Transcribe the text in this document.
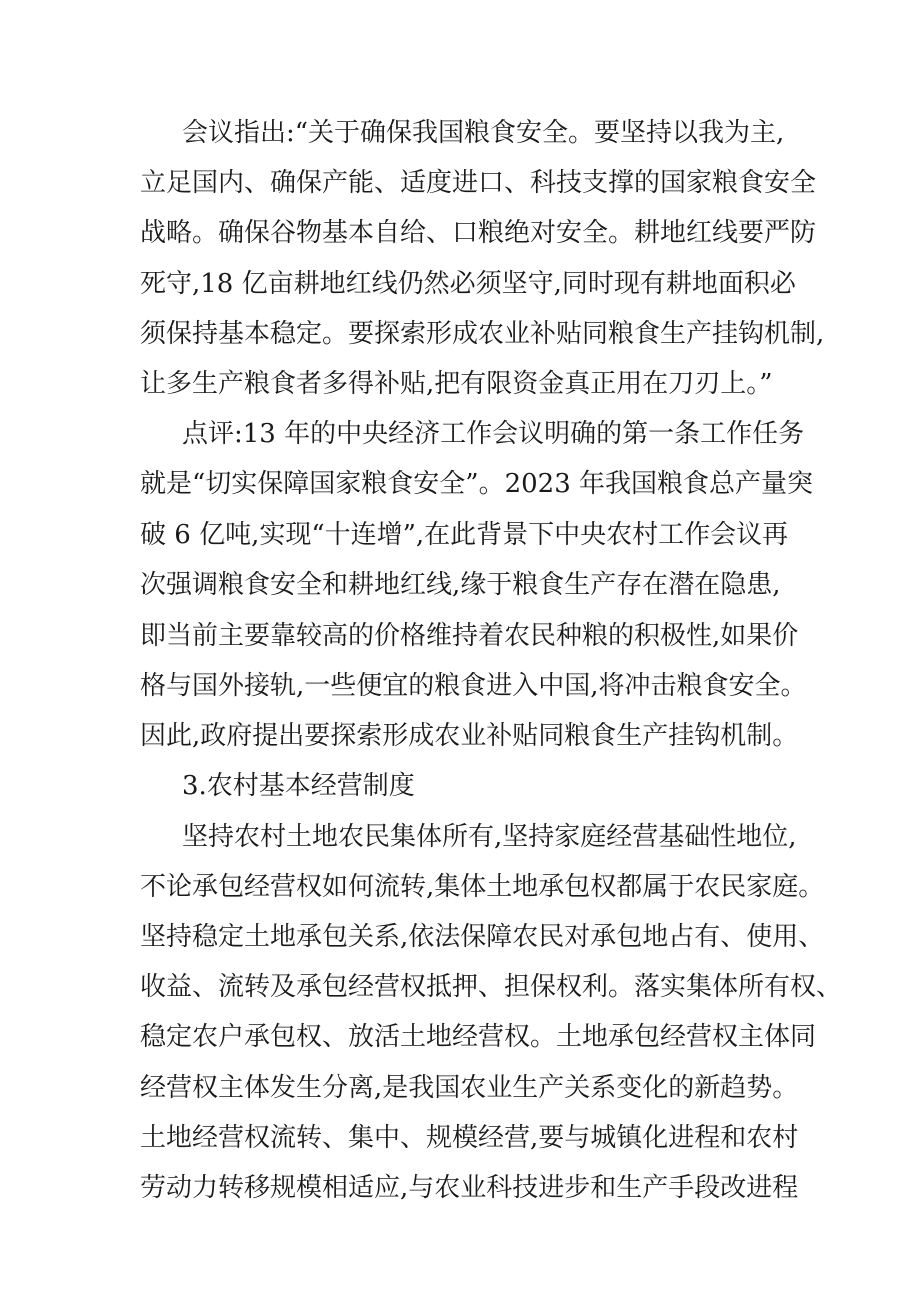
会议指出:“关于确保我国粮食安全。要坚持以我为主,

立足国内、确保产能、适度进口、科技支撑的国家粮食安全

战略。确保谷物基本自给、口粮绝对安全。耕地红线要严防

死守,18 亿亩耕地红线仍然必须坚守,同时现有耕地面积必

须保持基本稳定。要探索形成农业补贴同粮食生产挂钩机制,

让多生产粮食者多得补贴,把有限资金真正用在刀刃上。”

点评:13 年的中央经济工作会议明确的第一条工作任务

就是“切实保障国家粮食安全”。2023 年我国粮食总产量突

破 6 亿吨,实现“十连增”,在此背景下中央农村工作会议再

次强调粮食安全和耕地红线,缘于粮食生产存在潜在隐患,

即当前主要靠较高的价格维持着农民种粮的积极性,如果价

格与国外接轨,一些便宜的粮食进入中国,将冲击粮食安全。

因此,政府提出要探索形成农业补贴同粮食生产挂钩机制。

3.农村基本经营制度

坚持农村土地农民集体所有,坚持家庭经营基础性地位,

不论承包经营权如何流转,集体土地承包权都属于农民家庭。

坚持稳定土地承包关系,依法保障农民对承包地占有、使用、

收益、流转及承包经营权抵押、担保权利。落实集体所有权、

稳定农户承包权、放活土地经营权。土地承包经营权主体同

经营权主体发生分离,是我国农业生产关系变化的新趋势。

土地经营权流转、集中、规模经营,要与城镇化进程和农村

劳动力转移规模相适应,与农业科技进步和生产手段改进程
